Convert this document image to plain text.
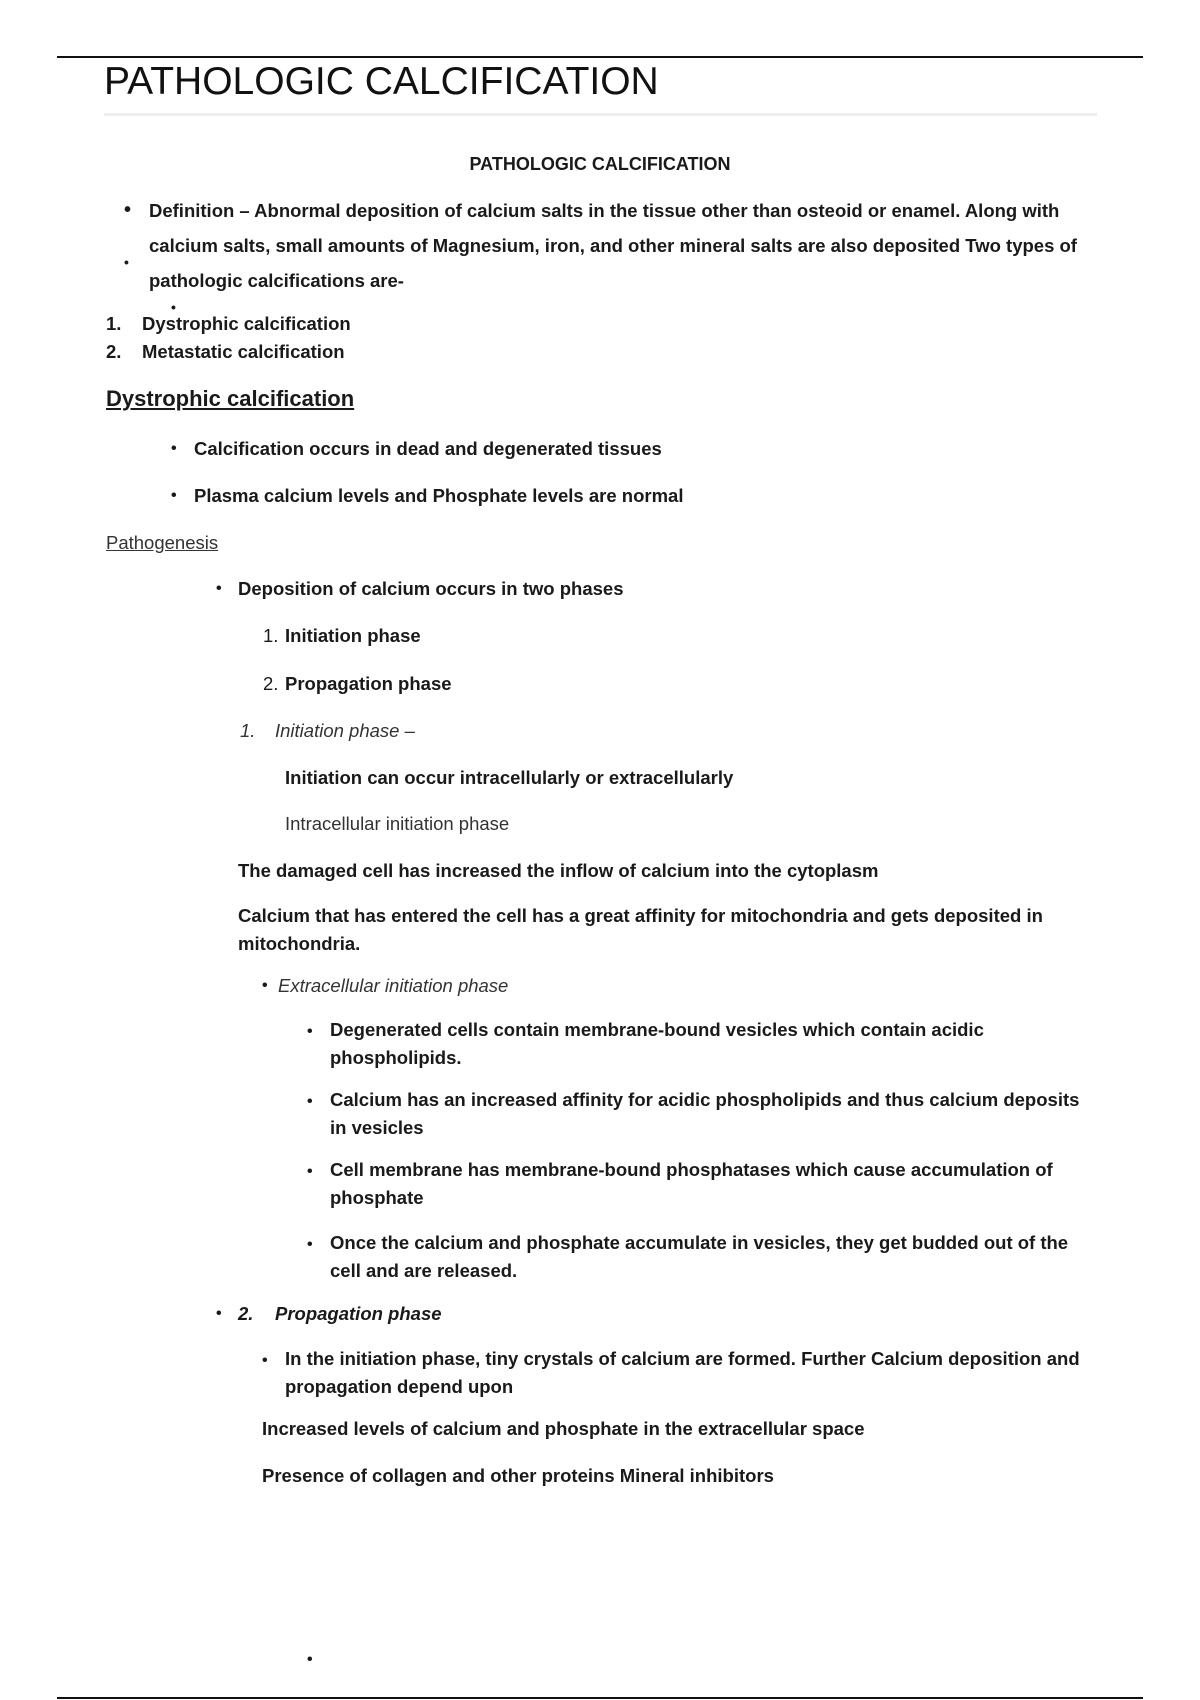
PATHOLOGIC CALCIFICATION
PATHOLOGIC CALCIFICATION
•
•
•
Definition – Abnormal deposition of calcium salts in the tissue other than osteoid or enamel. Along with calcium salts, small amounts of Magnesium, iron, and other mineral salts are also deposited Two types of pathologic calcifications are-
1. Dystrophic calcification
2. Metastatic calcification
Dystrophic calcification
• Calcification occurs in dead and degenerated tissues
• Plasma calcium levels and Phosphate levels are normal
Pathogenesis
• Deposition of calcium occurs in two phases
1. Initiation phase
2. Propagation phase
1. Initiation phase –
Initiation can occur intracellularly or extracellularly
Intracellular initiation phase
The damaged cell has increased the inflow of calcium into the cytoplasm
Calcium that has entered the cell has a great affinity for mitochondria and gets deposited in mitochondria.
• Extracellular initiation phase
• Degenerated cells contain membrane-bound vesicles which contain acidic phospholipids.
• Calcium has an increased affinity for acidic phospholipids and thus calcium deposits in vesicles
• Cell membrane has membrane-bound phosphatases which cause accumulation of phosphate
• Once the calcium and phosphate accumulate in vesicles, they get budded out of the cell and are released.
• 2. Propagation phase
• In the initiation phase, tiny crystals of calcium are formed. Further Calcium deposition and propagation depend upon
Increased levels of calcium and phosphate in the extracellular space
Presence of collagen and other proteins Mineral inhibitors
•
